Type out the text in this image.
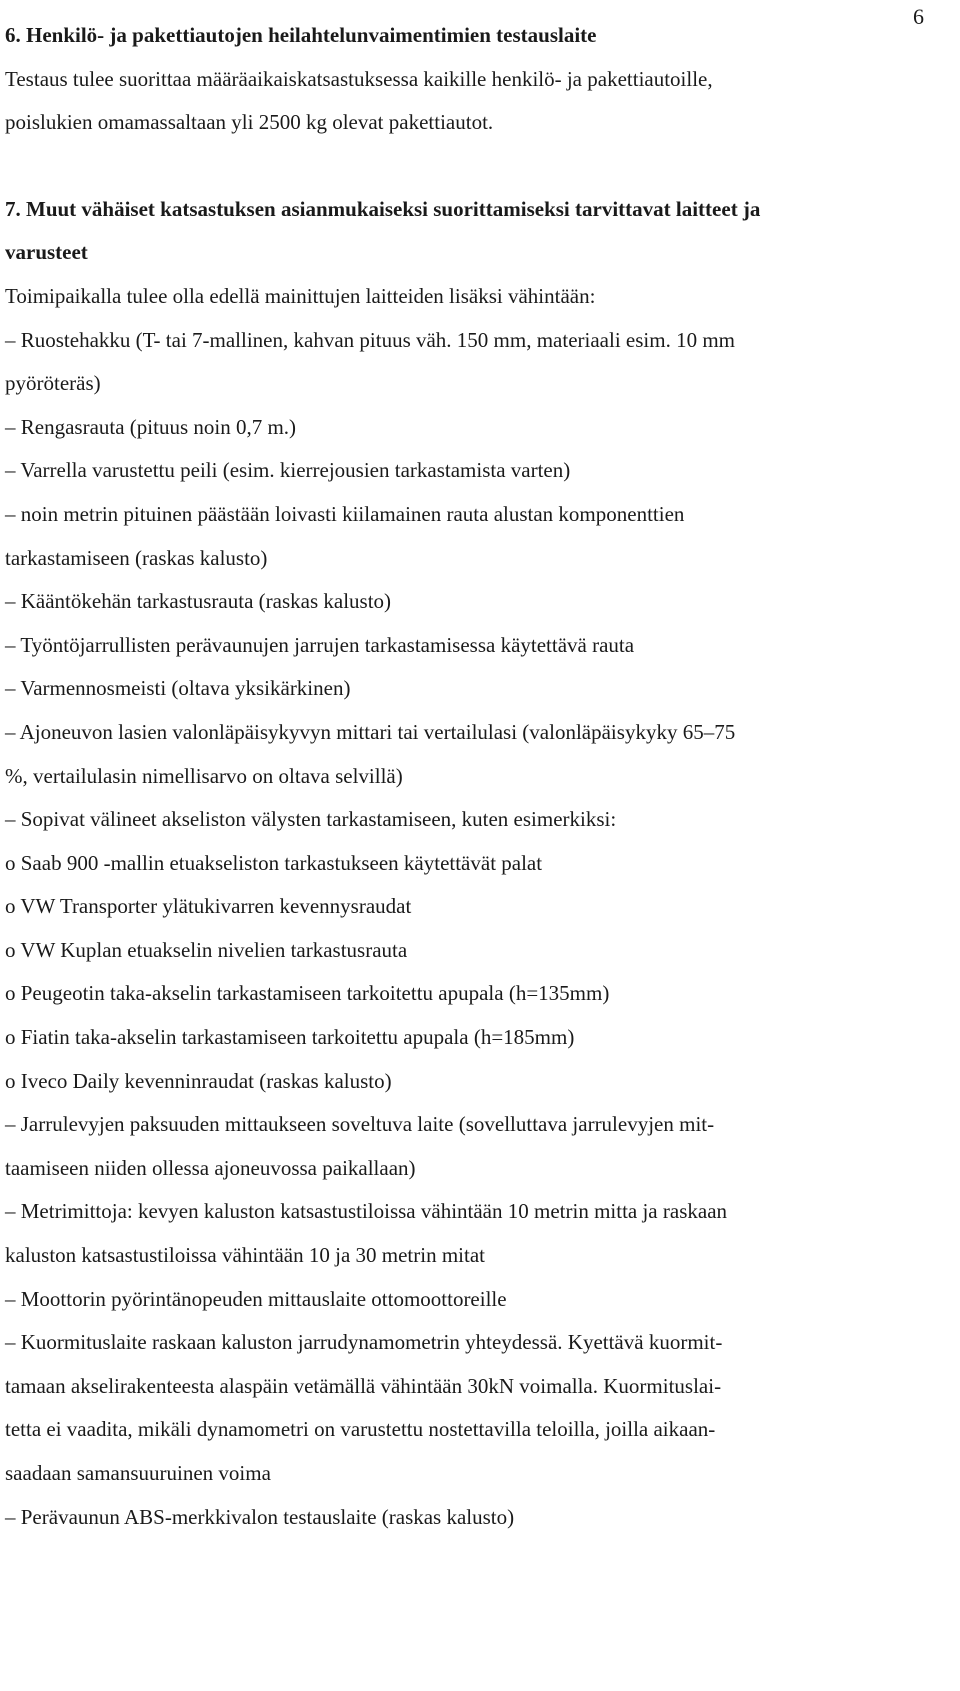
6
6. Henkilö- ja pakettiautojen heilahtelunvaimentimien testauslaite
Testaus tulee suorittaa määräaikaiskatsastuksessa kaikille henkilö- ja pakettiautoille,
poislukien omamassaltaan yli 2500 kg olevat pakettiautot.
7. Muut vähäiset katsastuksen asianmukaiseksi suorittamiseksi tarvittavat laitteet ja
varusteet
Toimipaikalla tulee olla edellä mainittujen laitteiden lisäksi vähintään:
– Ruostehakku (T- tai 7-mallinen, kahvan pituus väh. 150 mm, materiaali esim. 10 mm
pyöröteräs)
– Rengasrauta (pituus noin 0,7 m.)
– Varrella varustettu peili (esim. kierrejousien tarkastamista varten)
– noin metrin pituinen päästään loivasti kiilamainen rauta alustan komponenttien
tarkastamiseen (raskas kalusto)
– Kääntökehän tarkastusrauta (raskas kalusto)
– Työntöjarrullisten perävaunujen jarrujen tarkastamisessa käytettävä rauta
– Varmennosmeisti (oltava yksikärkinen)
– Ajoneuvon lasien valonläpäisykyvyn mittari tai vertailulasi (valonläpäisykyky 65–75
%, vertailulasin nimellisarvo on oltava selvillä)
– Sopivat välineet akseliston välysten tarkastamiseen, kuten esimerkiksi:
o Saab 900 -mallin etuakseliston tarkastukseen käytettävät palat
o VW Transporter ylätukivarren kevennysraudat
o VW Kuplan etuakselin nivelien tarkastusrauta
o Peugeotin taka-akselin tarkastamiseen tarkoitettu apupala (h=135mm)
o Fiatin taka-akselin tarkastamiseen tarkoitettu apupala (h=185mm)
o Iveco Daily kevenninraudat (raskas kalusto)
– Jarrulevyjen paksuuden mittaukseen soveltuva laite (sovelluttava jarrulevyjen mit-
taamiseen niiden ollessa ajoneuvossa paikallaan)
– Metrimittoja: kevyen kaluston katsastustiloissa vähintään 10 metrin mitta ja raskaan
kaluston katsastustiloissa vähintään 10 ja 30 metrin mitat
– Moottorin pyörintänopeuden mittauslaite ottomoottoreille
– Kuormituslaite raskaan kaluston jarrudynamometrin yhteydessä. Kyettävä kuormit-
tamaan akselirakenteesta alaspäin vetämällä vähintään 30kN voimalla. Kuormituslai-
tetta ei vaadita, mikäli dynamometri on varustettu nostettavilla teloilla, joilla aikaan-
saadaan samansuuruinen voima
– Perävaunun ABS-merkkivalon testauslaite (raskas kalusto)
